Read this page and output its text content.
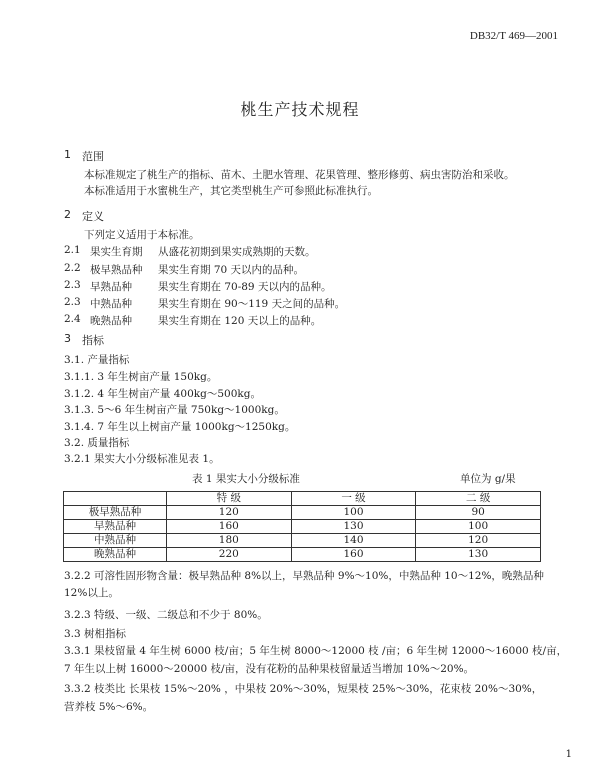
DB32/T 469—2001
桃生产技术规程
1 范围
本标准规定了桃生产的指标、苗木、土肥水管理、花果管理、整形修剪、病虫害防治和采收。
本标准适用于水蜜桃生产，其它类型桃生产可参照此标准执行。
2 定义
下列定义适用于本标准。
2.1 果实生育期 从盛花初期到果实成熟期的天数。
2.2 极早熟品种 果实生育期 70 天以内的品种。
2.3 早熟品种 果实生育期在 70-89 天以内的品种。
2.3 中熟品种 果实生育期在 90～119 天之间的品种。
2.4 晚熟品种 果实生育期在 120 天以上的品种。
3 指标
3.1. 产量指标
3.1.1. 3 年生树亩产量 150kg。
3.1.2. 4 年生树亩产量 400kg～500kg。
3.1.3. 5～6 年生树亩产量 750kg～1000kg。
3.1.4. 7 年生以上树亩产量 1000kg～1250kg。
3.2. 质量指标
3.2.1 果实大小分级标准见表 1。
表 1 果实大小分级标准	单位为 g/果
	特 级	一 级	二 级
极早熟品种	120	100	90
早熟品种	160	130	100
中熟品种	180	140	120
晚熟品种	220	160	130
3.2.2 可溶性固形物含量：极早熟品种 8%以上，早熟品种 9%～10%，中熟品种 10～12%，晚熟品种
12%以上。
3.2.3 特级、一级、二级总和不少于 80%。
3.3 树相指标
3.3.1 果枝留量 4 年生树 6000 枝/亩；5 年生树 8000～12000 枝 /亩；6 年生树 12000～16000 枝/亩，
7 年生以上树 16000～20000 枝/亩，没有花粉的品种果枝留量适当增加 10%～20%。
3.3.2 枝类比 长果枝 15%～20% ，中果枝 20%～30%，短果枝 25%～30%，花束枝 20%～30%，
营养枝 5%～6%。
1
